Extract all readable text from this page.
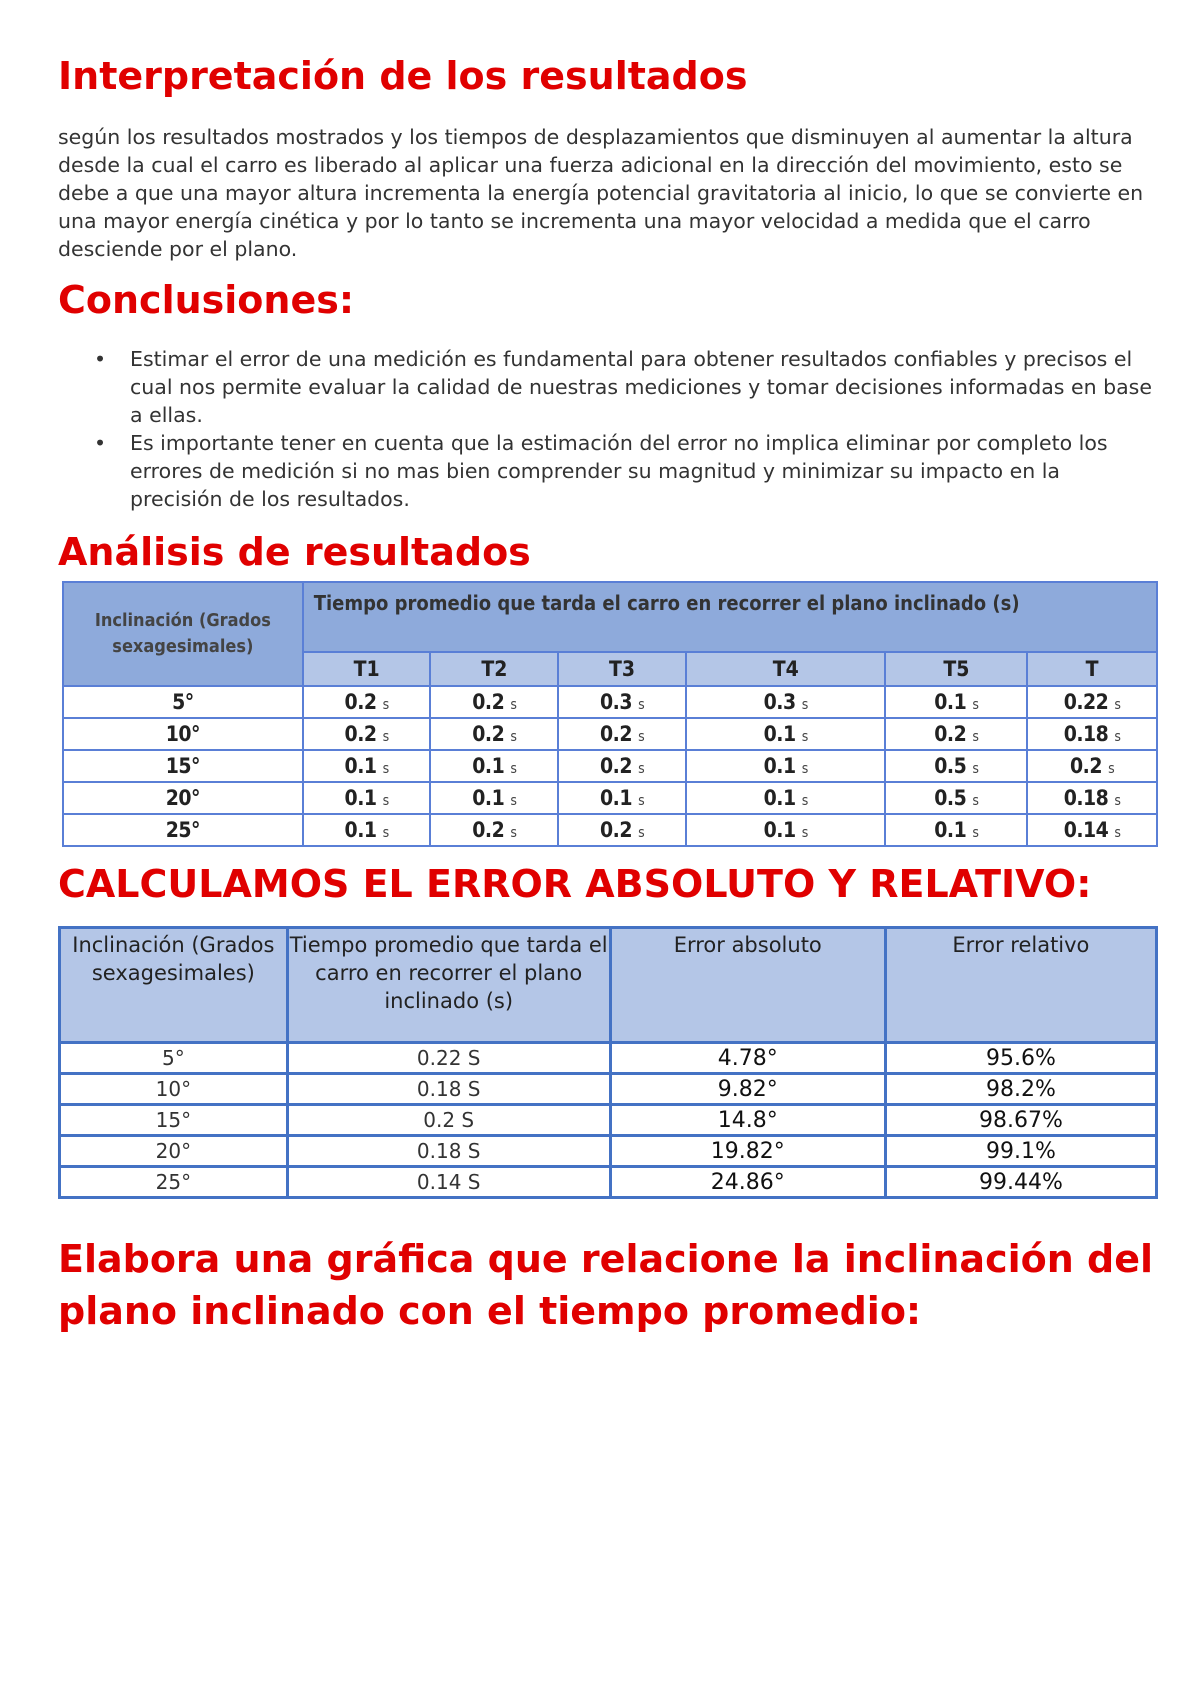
Interpretación de los resultados

según los resultados mostrados y los tiempos de desplazamientos que disminuyen al aumentar la altura desde la cual el carro es liberado al aplicar una fuerza adicional en la dirección del movimiento, esto se debe a que una mayor altura incrementa la energía potencial gravitatoria al inicio, lo que se convierte en una mayor energía cinética y por lo tanto se incrementa una mayor velocidad a medida que el carro desciende por el plano.

Conclusiones:
• Estimar el error de una medición es fundamental para obtener resultados confiables y precisos el cual nos permite evaluar la calidad de nuestras mediciones y tomar decisiones informadas en base a ellas.
• Es importante tener en cuenta que la estimación del error no implica eliminar por completo los errores de medición si no mas bien comprender su magnitud y minimizar su impacto en la precisión de los resultados.
Análisis de resultados
Inclinación (Grados sexagesimales)	Tiempo promedio que tarda el carro en recorrer el plano inclinado (s)					
	T1	T2	T3	T4	T5	T
5°	0.2 s	0.2 s	0.3 s	0.3 s	0.1 s	0.22 s
10°	0.2 s	0.2 s	0.2 s	0.1 s	0.2 s	0.18 s
15°	0.1 s	0.1 s	0.2 s	0.1 s	0.5 s	0.2 s
20°	0.1 s	0.1 s	0.1 s	0.1 s	0.5 s	0.18 s
25°	0.1 s	0.2 s	0.2 s	0.1 s	0.1 s	0.14 s
CALCULAMOS EL ERROR ABSOLUTO Y RELATIVO:
Inclinación (Grados sexagesimales)	Tiempo promedio que tarda el carro en recorrer el plano inclinado (s)	Error absoluto	Error relativo
5°	0.22 S	4.78°	95.6%
10°	0.18 S	9.82°	98.2%
15°	0.2 S	14.8°	98.67%
20°	0.18 S	19.82°	99.1%
25°	0.14 S	24.86°	99.44%
Elabora una gráfica que relacione la inclinación del plano inclinado con el tiempo promedio:
